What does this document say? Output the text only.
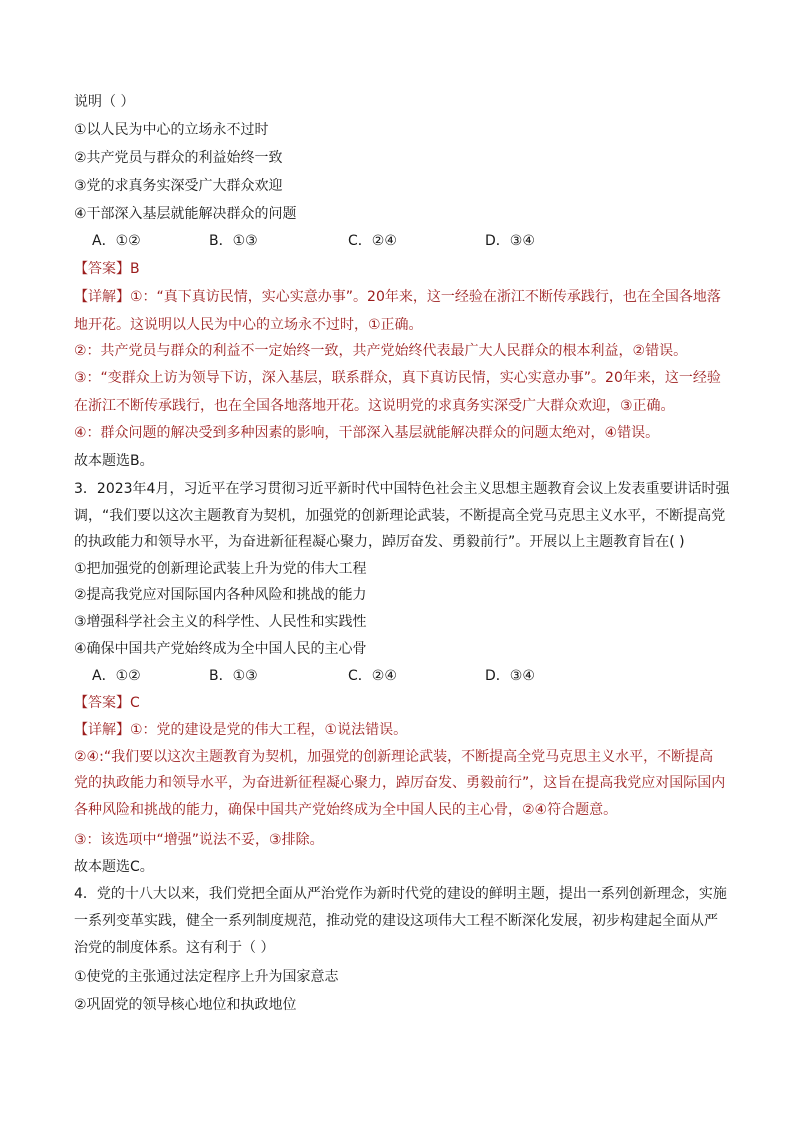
说明（ ）
①以人民为中心的立场永不过时
②共产党员与群众的利益始终一致
③党的求真务实深受广大群众欢迎
④干部深入基层就能解决群众的问题
A．①②	B．①③	C．②④	D．③④
【答案】B
【详解】①：“真下真访民情，实心实意办事”。20年来，这一经验在浙江不断传承践行，也在全国各地落
地开花。这说明以人民为中心的立场永不过时，①正确。
②：共产党员与群众的利益不一定始终一致，共产党始终代表最广大人民群众的根本利益，②错误。
③：“变群众上访为领导下访，深入基层，联系群众，真下真访民情，实心实意办事”。20年来，这一经验
在浙江不断传承践行，也在全国各地落地开花。这说明党的求真务实深受广大群众欢迎，③正确。
④：群众问题的解决受到多种因素的影响，干部深入基层就能解决群众的问题太绝对，④错误。
故本题选B。
3．2023年4月，习近平在学习贯彻习近平新时代中国特色社会主义思想主题教育会议上发表重要讲话时强
调，“我们要以这次主题教育为契机，加强党的创新理论武装，不断提高全党马克思主义水平，不断提高党
的执政能力和领导水平，为奋进新征程凝心聚力，踔厉奋发、勇毅前行”。开展以上主题教育旨在( )
①把加强党的创新理论武装上升为党的伟大工程
②提高我党应对国际国内各种风险和挑战的能力
③增强科学社会主义的科学性、人民性和实践性
④确保中国共产党始终成为全中国人民的主心骨
A．①②	B．①③	C．②④	D．③④
【答案】C
【详解】①：党的建设是党的伟大工程，①说法错误。
②④:“我们要以这次主题教育为契机，加强党的创新理论武装，不断提高全党马克思主义水平，不断提高
党的执政能力和领导水平，为奋进新征程凝心聚力，踔厉奋发、勇毅前行”，这旨在提高我党应对国际国内
各种风险和挑战的能力，确保中国共产党始终成为全中国人民的主心骨，②④符合题意。
③：该选项中“增强”说法不妥，③排除。
故本题选C。
4．党的十八大以来，我们党把全面从严治党作为新时代党的建设的鲜明主题，提出一系列创新理念，实施
一系列变革实践，健全一系列制度规范，推动党的建设这项伟大工程不断深化发展，初步构建起全面从严
治党的制度体系。这有利于（ ）
①使党的主张通过法定程序上升为国家意志
②巩固党的领导核心地位和执政地位
